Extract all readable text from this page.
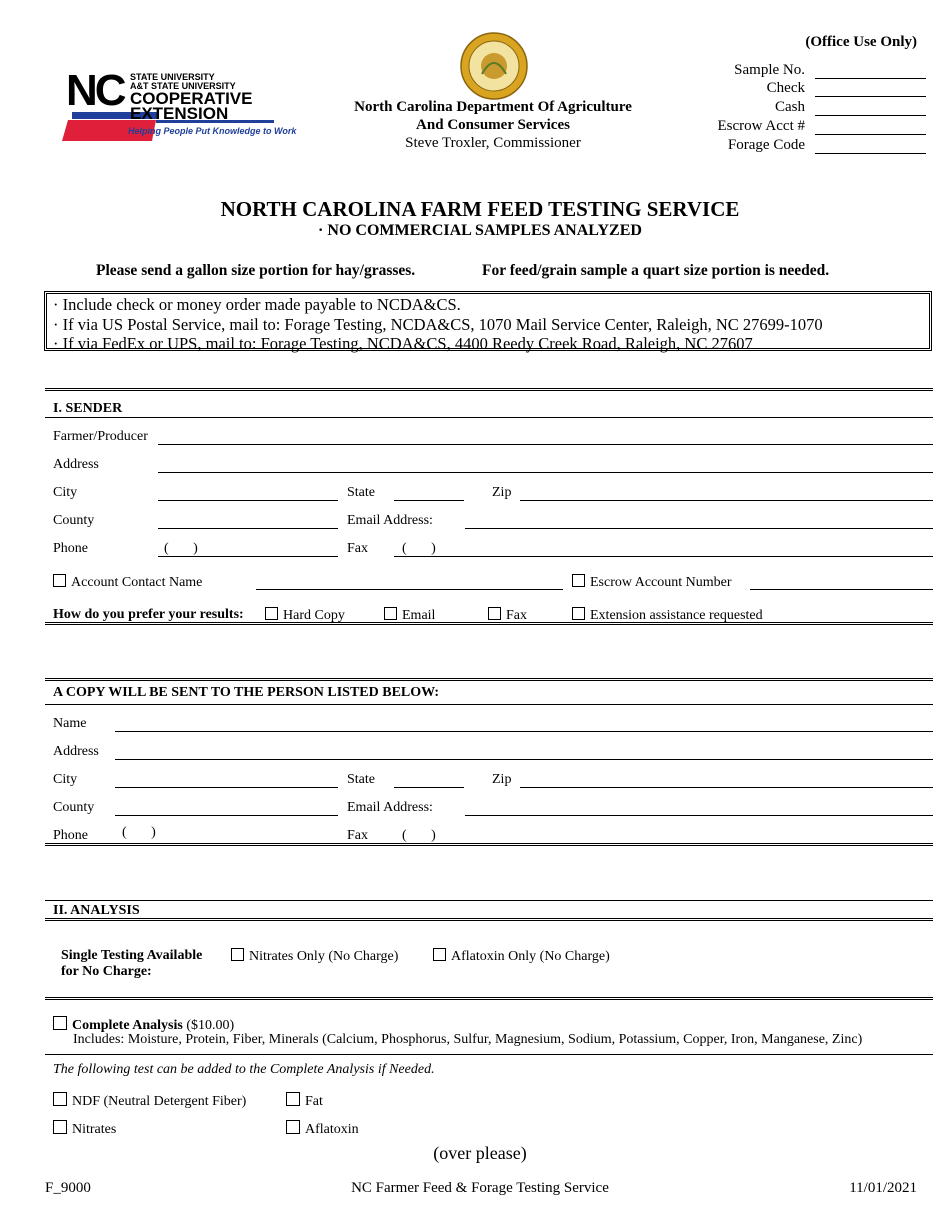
NC STATE UNIVERSITY
A&T STATE UNIVERSITY
COOPERATIVE
EXTENSION
Helping People Put Knowledge to Work
North Carolina Department Of Agriculture
And Consumer Services
Steve Troxler, Commissioner
(Office Use Only)
Sample No.
Check
Cash
Escrow Acct #
Forage Code
NORTH CAROLINA FARM FEED TESTING SERVICE
· NO COMMERCIAL SAMPLES ANALYZED
Please send a gallon size portion for hay/grasses.	For feed/grain sample a quart size portion is needed.
· Include check or money order made payable to NCDA&CS.
· If via US Postal Service, mail to: Forage Testing, NCDA&CS, 1070 Mail Service Center, Raleigh, NC 27699-1070
· If via FedEx or UPS, mail to: Forage Testing, NCDA&CS, 4400 Reedy Creek Road, Raleigh, NC 27607
I. SENDER
Farmer/Producer
Address
City	State	Zip
County	Email Address:
Phone	(       )	Fax (       )
Account Contact Name	Escrow Account Number
How do you prefer your results:	Hard Copy	Email	Fax	Extension assistance requested
A COPY WILL BE SENT TO THE PERSON LISTED BELOW:
Name
Address
City	State	Zip
County	Email Address:
Phone (       )	Fax (       )
II. ANALYSIS
Single Testing Available
for No Charge:
Nitrates Only (No Charge)	Aflatoxin Only (No Charge)
Complete Analysis ($10.00)
Includes: Moisture, Protein, Fiber, Minerals (Calcium, Phosphorus, Sulfur, Magnesium, Sodium, Potassium, Copper, Iron, Manganese, Zinc)
The following test can be added to the Complete Analysis if Needed.
NDF (Neutral Detergent Fiber)	Fat
Nitrates	Aflatoxin
(over please)
F_9000	NC Farmer Feed & Forage Testing Service	11/01/2021
